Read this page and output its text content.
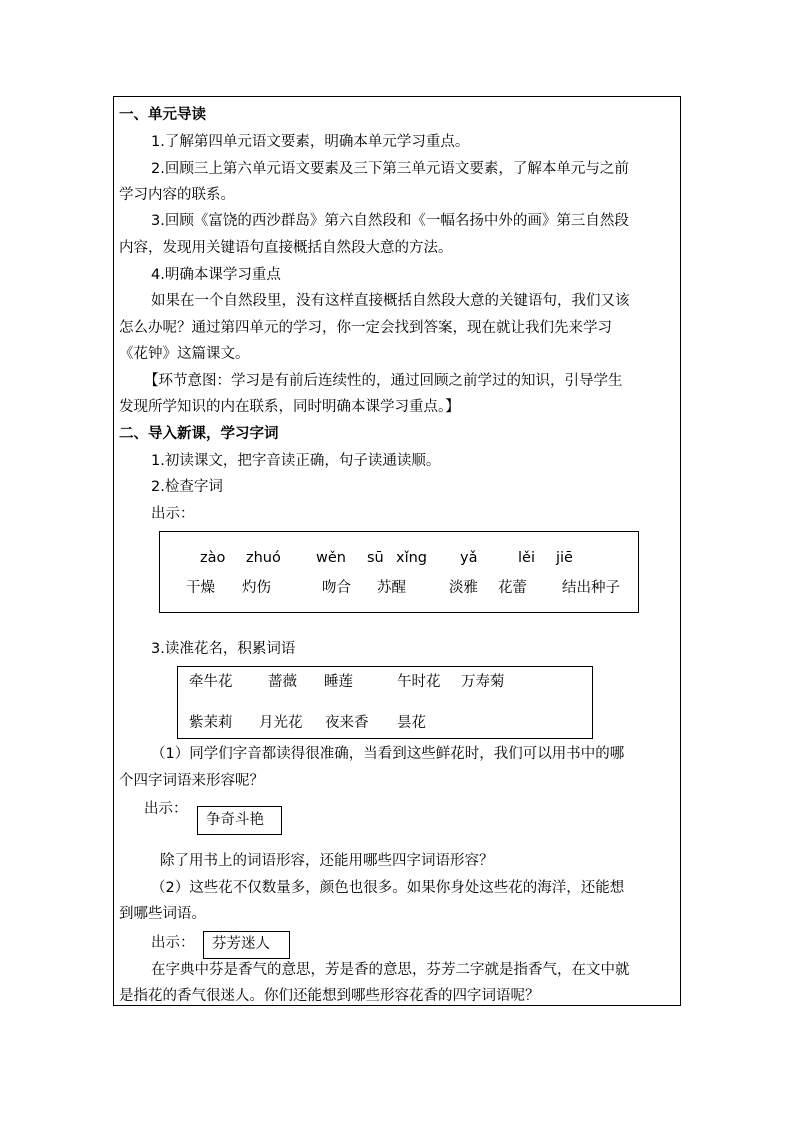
一、单元导读
1.了解第四单元语文要素，明确本单元学习重点。
2.回顾三上第六单元语文要素及三下第三单元语文要素，了解本单元与之前
学习内容的联系。
3.回顾《富饶的西沙群岛》第六自然段和《一幅名扬中外的画》第三自然段
内容，发现用关键语句直接概括自然段大意的方法。
4.明确本课学习重点
如果在一个自然段里，没有这样直接概括自然段大意的关键语句，我们又该
怎么办呢？通过第四单元的学习，你一定会找到答案，现在就让我们先来学习
《花钟》这篇课文。
【环节意图：学习是有前后连续性的，通过回顾之前学过的知识，引导学生
发现所学知识的内在联系，同时明确本课学习重点。】
二、导入新课，学习字词
1.初读课文，把字音读正确，句子读通读顺。
2.检查字词
出示：
zào zhuó wěn sū xǐng yǎ	lěi jiē
干燥 灼伤	吻合 苏醒	淡雅 花蕾 结出种子
3.读准花名，积累词语
牵牛花 蔷薇 睡莲	午时花 万寿菊
紫茉莉 月光花 夜来香 昙花
（1）同学们字音都读得很准确，当看到这些鲜花时，我们可以用书中的哪
个四字词语来形容呢？
出示：
争奇斗艳
除了用书上的词语形容，还能用哪些四字词语形容？
（2）这些花不仅数量多，颜色也很多。如果你身处这些花的海洋，还能想
到哪些词语。
出示： 芬芳迷人
在字典中芬是香气的意思，芳是香的意思，芬芳二字就是指香气，在文中就
是指花的香气很迷人。你们还能想到哪些形容花香的四字词语呢？
